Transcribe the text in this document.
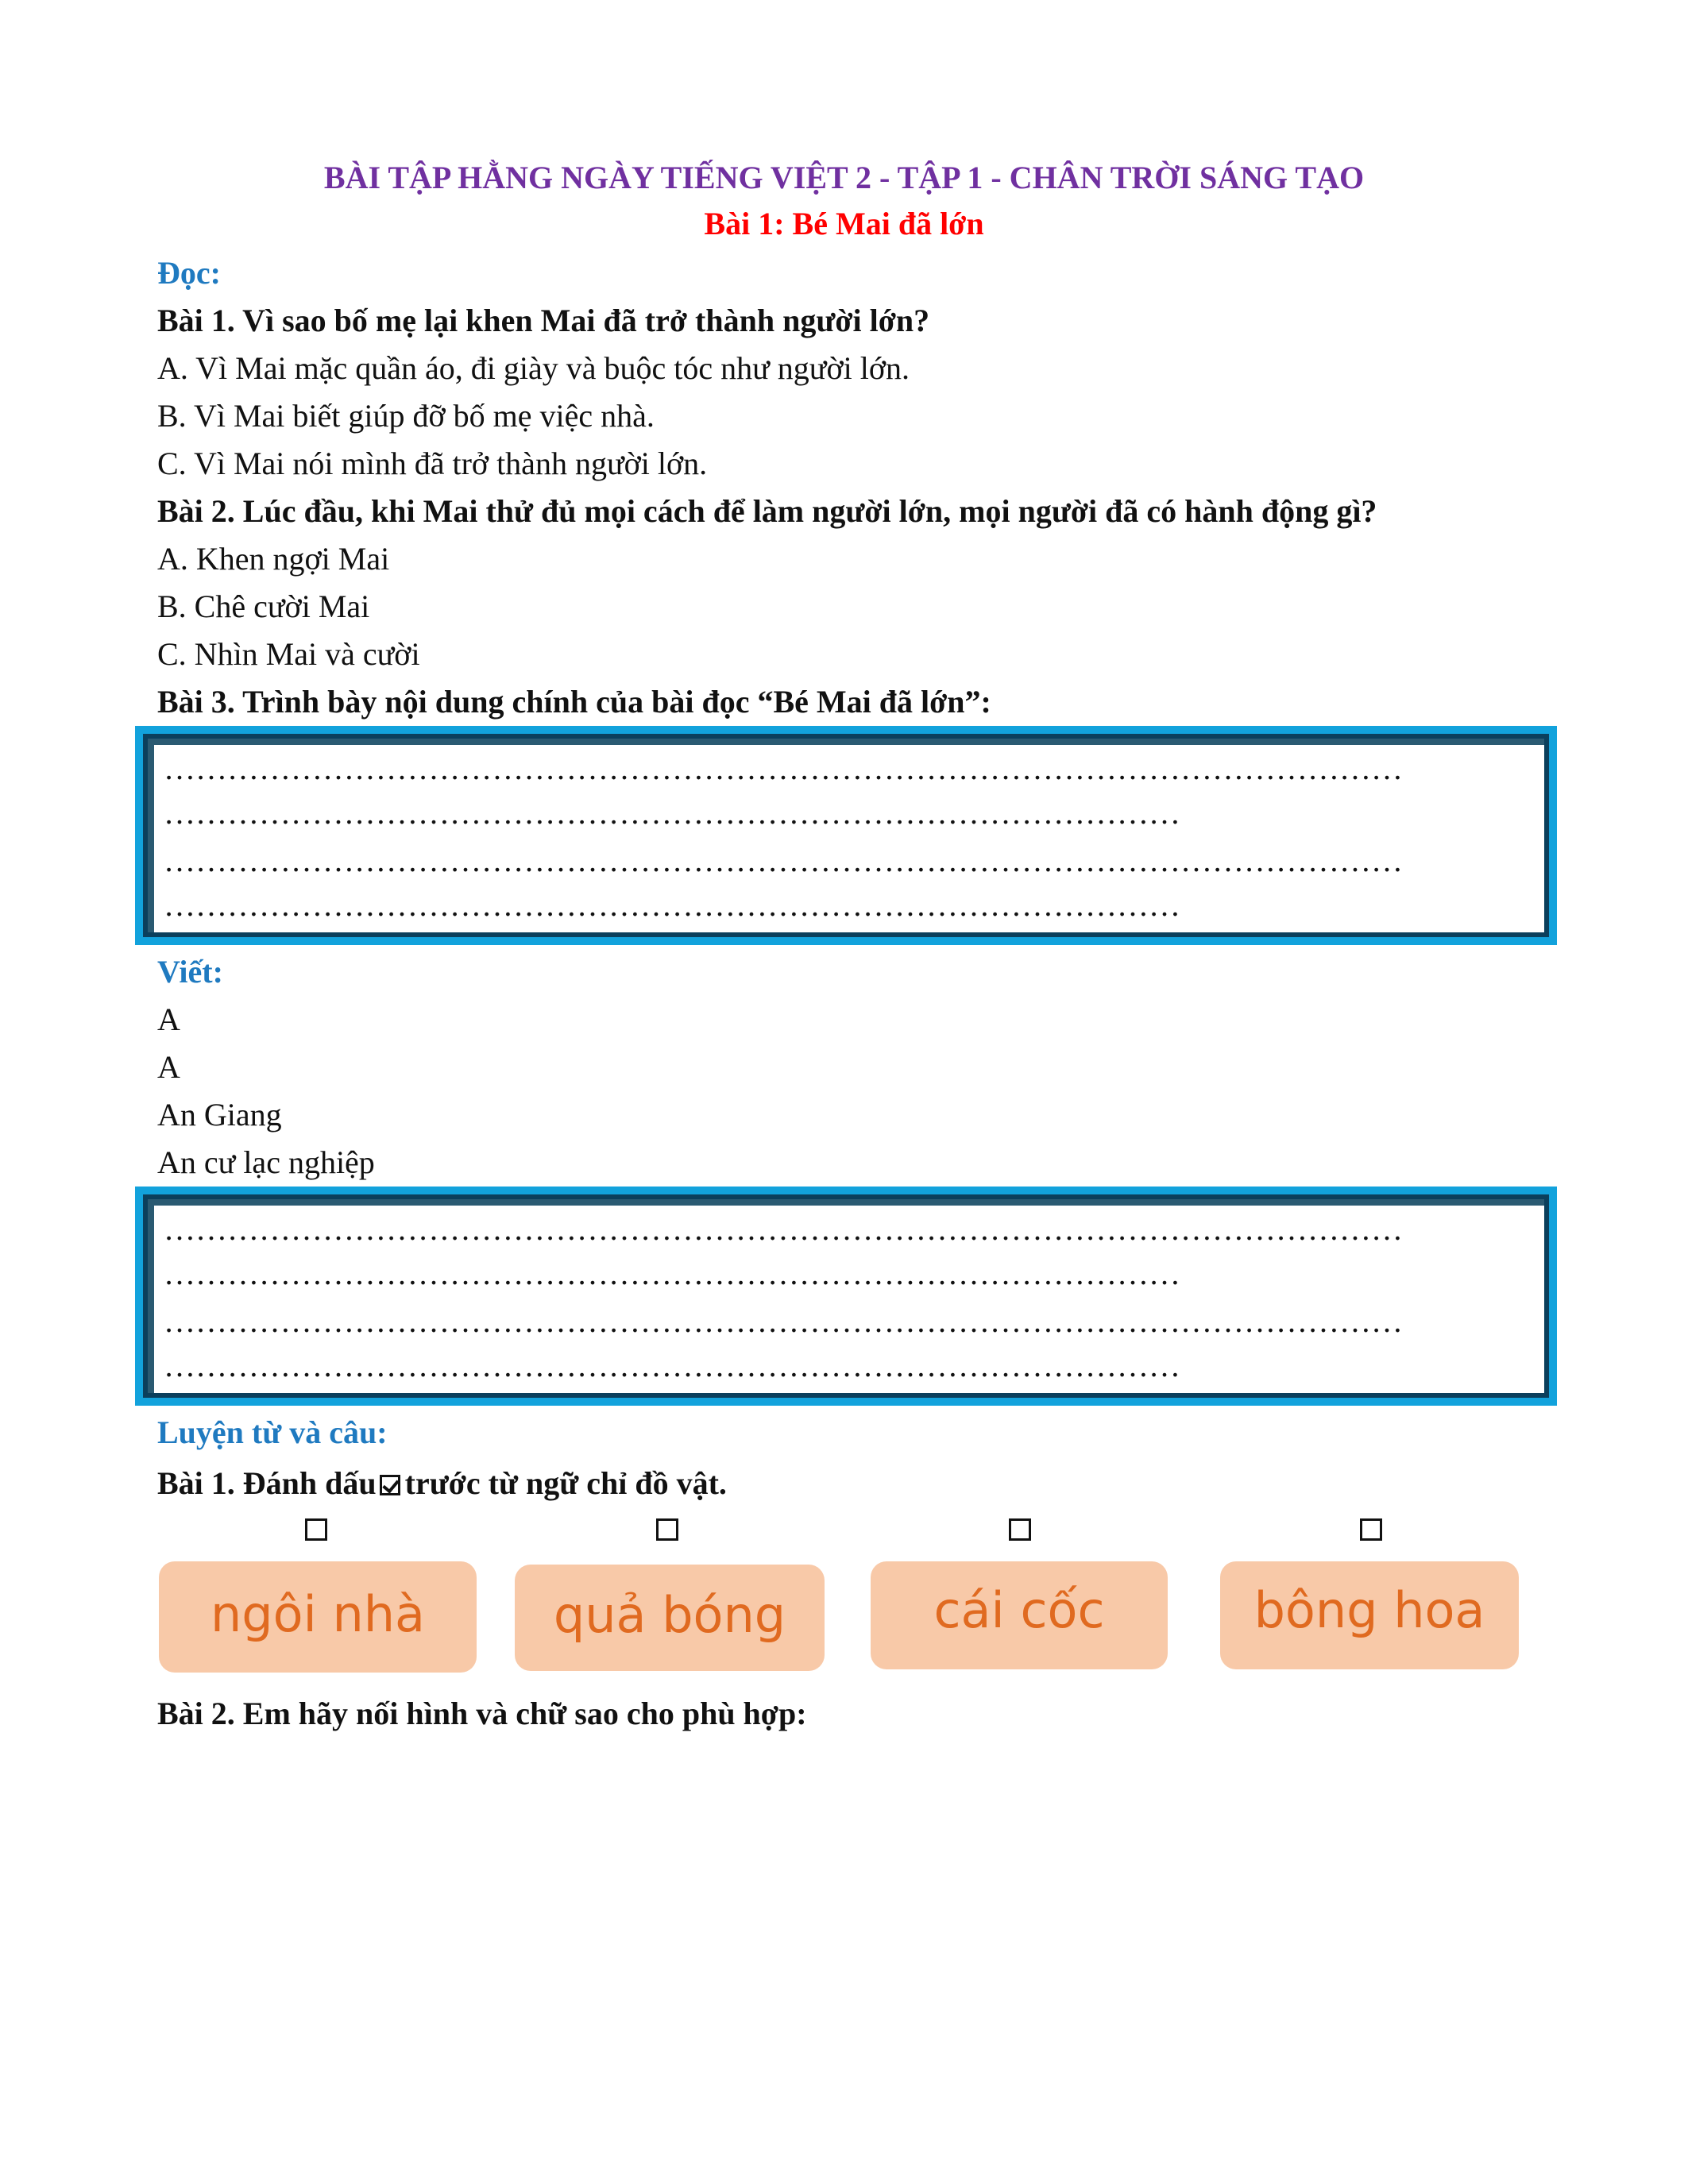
BÀI TẬP HẰNG NGÀY TIẾNG VIỆT 2 - TẬP 1 - CHÂN TRỜI SÁNG TẠO
Bài 1: Bé Mai đã lớn
Đọc:
Bài 1. Vì sao bố mẹ lại khen Mai đã trở thành người lớn?
A. Vì Mai mặc quần áo, đi giày và buộc tóc như người lớn.
B. Vì Mai biết giúp đỡ bố mẹ việc nhà.
C. Vì Mai nói mình đã trở thành người lớn.
Bài 2. Lúc đầu, khi Mai thử đủ mọi cách để làm người lớn, mọi người đã có hành động gì?
A. Khen ngợi Mai
B. Chê cười Mai
C. Nhìn Mai và cười
Bài 3. Trình bày nội dung chính của bài đọc “Bé Mai đã lớn”:
………………………………………………………………………………………………………
……………………………………………………………………………………
………………………………………………………………………………………………………
……………………………………………………………………………………
Viết:
A
A
An Giang
An cư lạc nghiệp
………………………………………………………………………………………………………
……………………………………………………………………………………
………………………………………………………………………………………………………
……………………………………………………………………………………
Luyện từ và câu:
Bài 1. Đánh dấu trước từ ngữ chỉ đồ vật.
ngôi nhà	quả bóng	cái cốc	bông hoa
Bài 2. Em hãy nối hình và chữ sao cho phù hợp:
